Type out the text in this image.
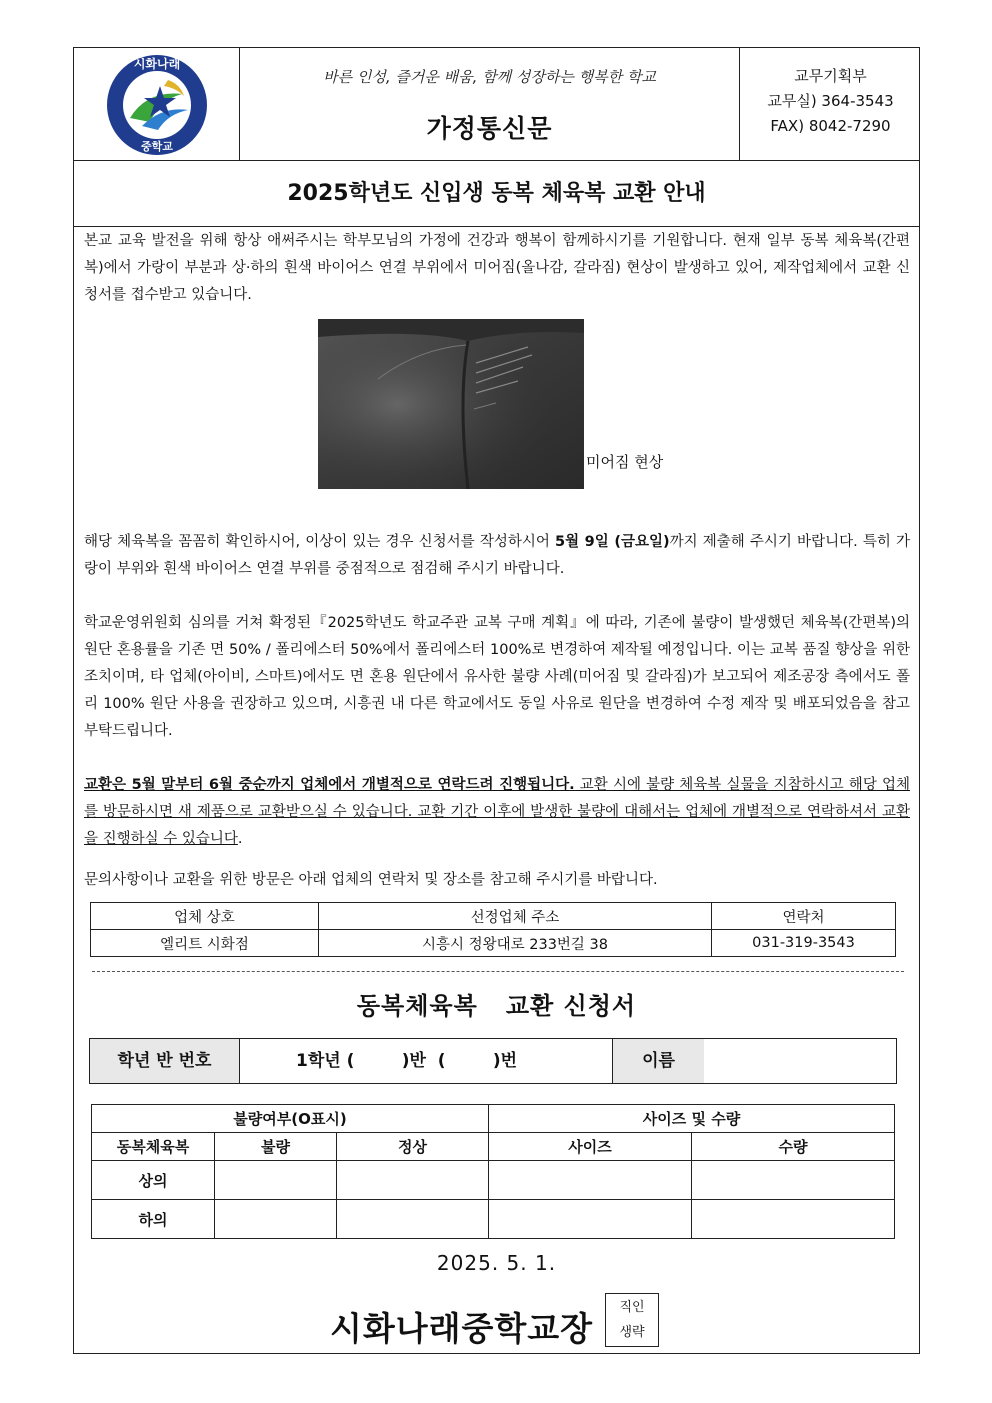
시화나래
중학교
바른 인성, 즐거운 배움, 함께 성장하는 행복한 학교
가정통신문
교무기획부
교무실) 364-3543
FAX) 8042-7290
2025학년도 신입생 동복 체육복 교환 안내

본교 교육 발전을 위해 항상 애써주시는 학부모님의 가정에 건강과 행복이 함께하시기를 기원합니다. 현재 일부 동복 체육복(간편복)에서 가랑이 부분과 상·하의 흰색 바이어스 연결 부위에서 미어짐(올나감, 갈라짐) 현상이 발생하고 있어, 제작업체에서 교환 신청서를 접수받고 있습니다.

미어짐 현상

해당 체육복을 꼼꼼히 확인하시어, 이상이 있는 경우 신청서를 작성하시어 5월 9일 (금요일)까지 제출해 주시기 바랍니다. 특히 가랑이 부위와 흰색 바이어스 연결 부위를 중점적으로 점검해 주시기 바랍니다.

학교운영위원회 심의를 거쳐 확정된『2025학년도 학교주관 교복 구매 계획』에 따라, 기존에 불량이 발생했던 체육복(간편복)의 원단 혼용률을 기존 면 50% / 폴리에스터 50%에서 폴리에스터 100%로 변경하여 제작될 예정입니다. 이는 교복 품질 향상을 위한 조치이며, 타 업체(아이비, 스마트)에서도 면 혼용 원단에서 유사한 불량 사례(미어짐 및 갈라짐)가 보고되어 제조공장 측에서도 폴리 100% 원단 사용을 권장하고 있으며, 시흥권 내 다른 학교에서도 동일 사유로 원단을 변경하여 수정 제작 및 배포되었음을 참고 부탁드립니다.

교환은 5월 말부터 6월 중순까지 업체에서 개별적으로 연락드려 진행됩니다. 교환 시에 불량 체육복 실물을 지참하시고 해당 업체를 방문하시면 새 제품으로 교환받으실 수 있습니다. 교환 기간 이후에 발생한 불량에 대해서는 업체에 개별적으로 연락하셔서 교환을 진행하실 수 있습니다.

문의사항이나 교환을 위한 방문은 아래 업체의 연락처 및 장소를 참고해 주시기를 바랍니다.

업체 상호	선정업체 주소	연락처
엘리트 시화점	시흥시 정왕대로 233번길 38	031-319-3543
동복체육복   교환 신청서
학년 반 번호	1학년 (        )반  (        )번	이름
불량여부(O표시)			사이즈 및 수량	
동복체육복	불량	정상	사이즈	수량
상의				
하의				
2025. 5. 1.
시화나래중학교장
직인
생략
